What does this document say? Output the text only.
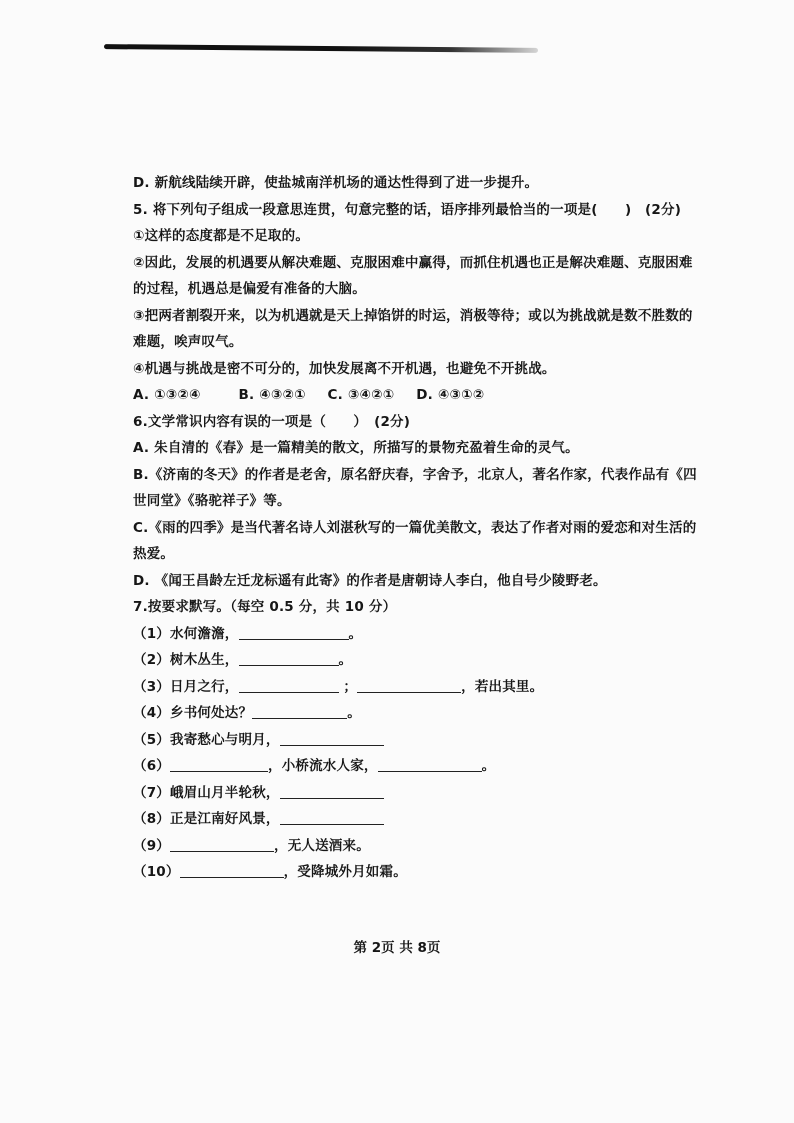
D. 新航线陆续开辟，使盐城南洋机场的通达性得到了进一步提升。
5. 将下列句子组成一段意思连贯，句意完整的话，语序排列最恰当的一项是(　　)　(2分)
①这样的态度都是不足取的。
②因此，发展的机遇要从解决难题、克服困难中赢得，而抓住机遇也正是解决难题、克服困难
的过程，机遇总是偏爱有准备的大脑。
③把两者割裂开来，以为机遇就是天上掉馅饼的时运，消极等待；或以为挑战就是数不胜数的
难题，唉声叹气。
④机遇与挑战是密不可分的，加快发展离不开机遇，也避免不开挑战。
A. ①③②④	B. ④③②① C. ③④②① D. ④③①②
6.文学常识内容有误的一项是（　　）　(2分)
A. 朱自清的《春》是一篇精美的散文，所描写的景物充盈着生命的灵气。
B.《济南的冬天》的作者是老舍，原名舒庆春，字舍予，北京人，著名作家，代表作品有《四
世同堂》《骆驼祥子》等。
C.《雨的四季》是当代著名诗人刘湛秋写的一篇优美散文，表达了作者对雨的爱恋和对生活的
热爱。
D. 《闻王昌龄左迁龙标遥有此寄》的作者是唐朝诗人李白，他自号少陵野老。
7.按要求默写。（每空 0.5 分，共 10 分）
（1）水何澹澹，	。
（2）树木丛生，	。
（3）日月之行，	；	，若出其里。
（4）乡书何处达？	。
（5）我寄愁心与明月，
（6）	，小桥流水人家，	。
（7）峨眉山月半轮秋，
（8）正是江南好风景，
（9）	，无人送酒来。
（10）	，受降城外月如霜。
第 2页 共 8页
